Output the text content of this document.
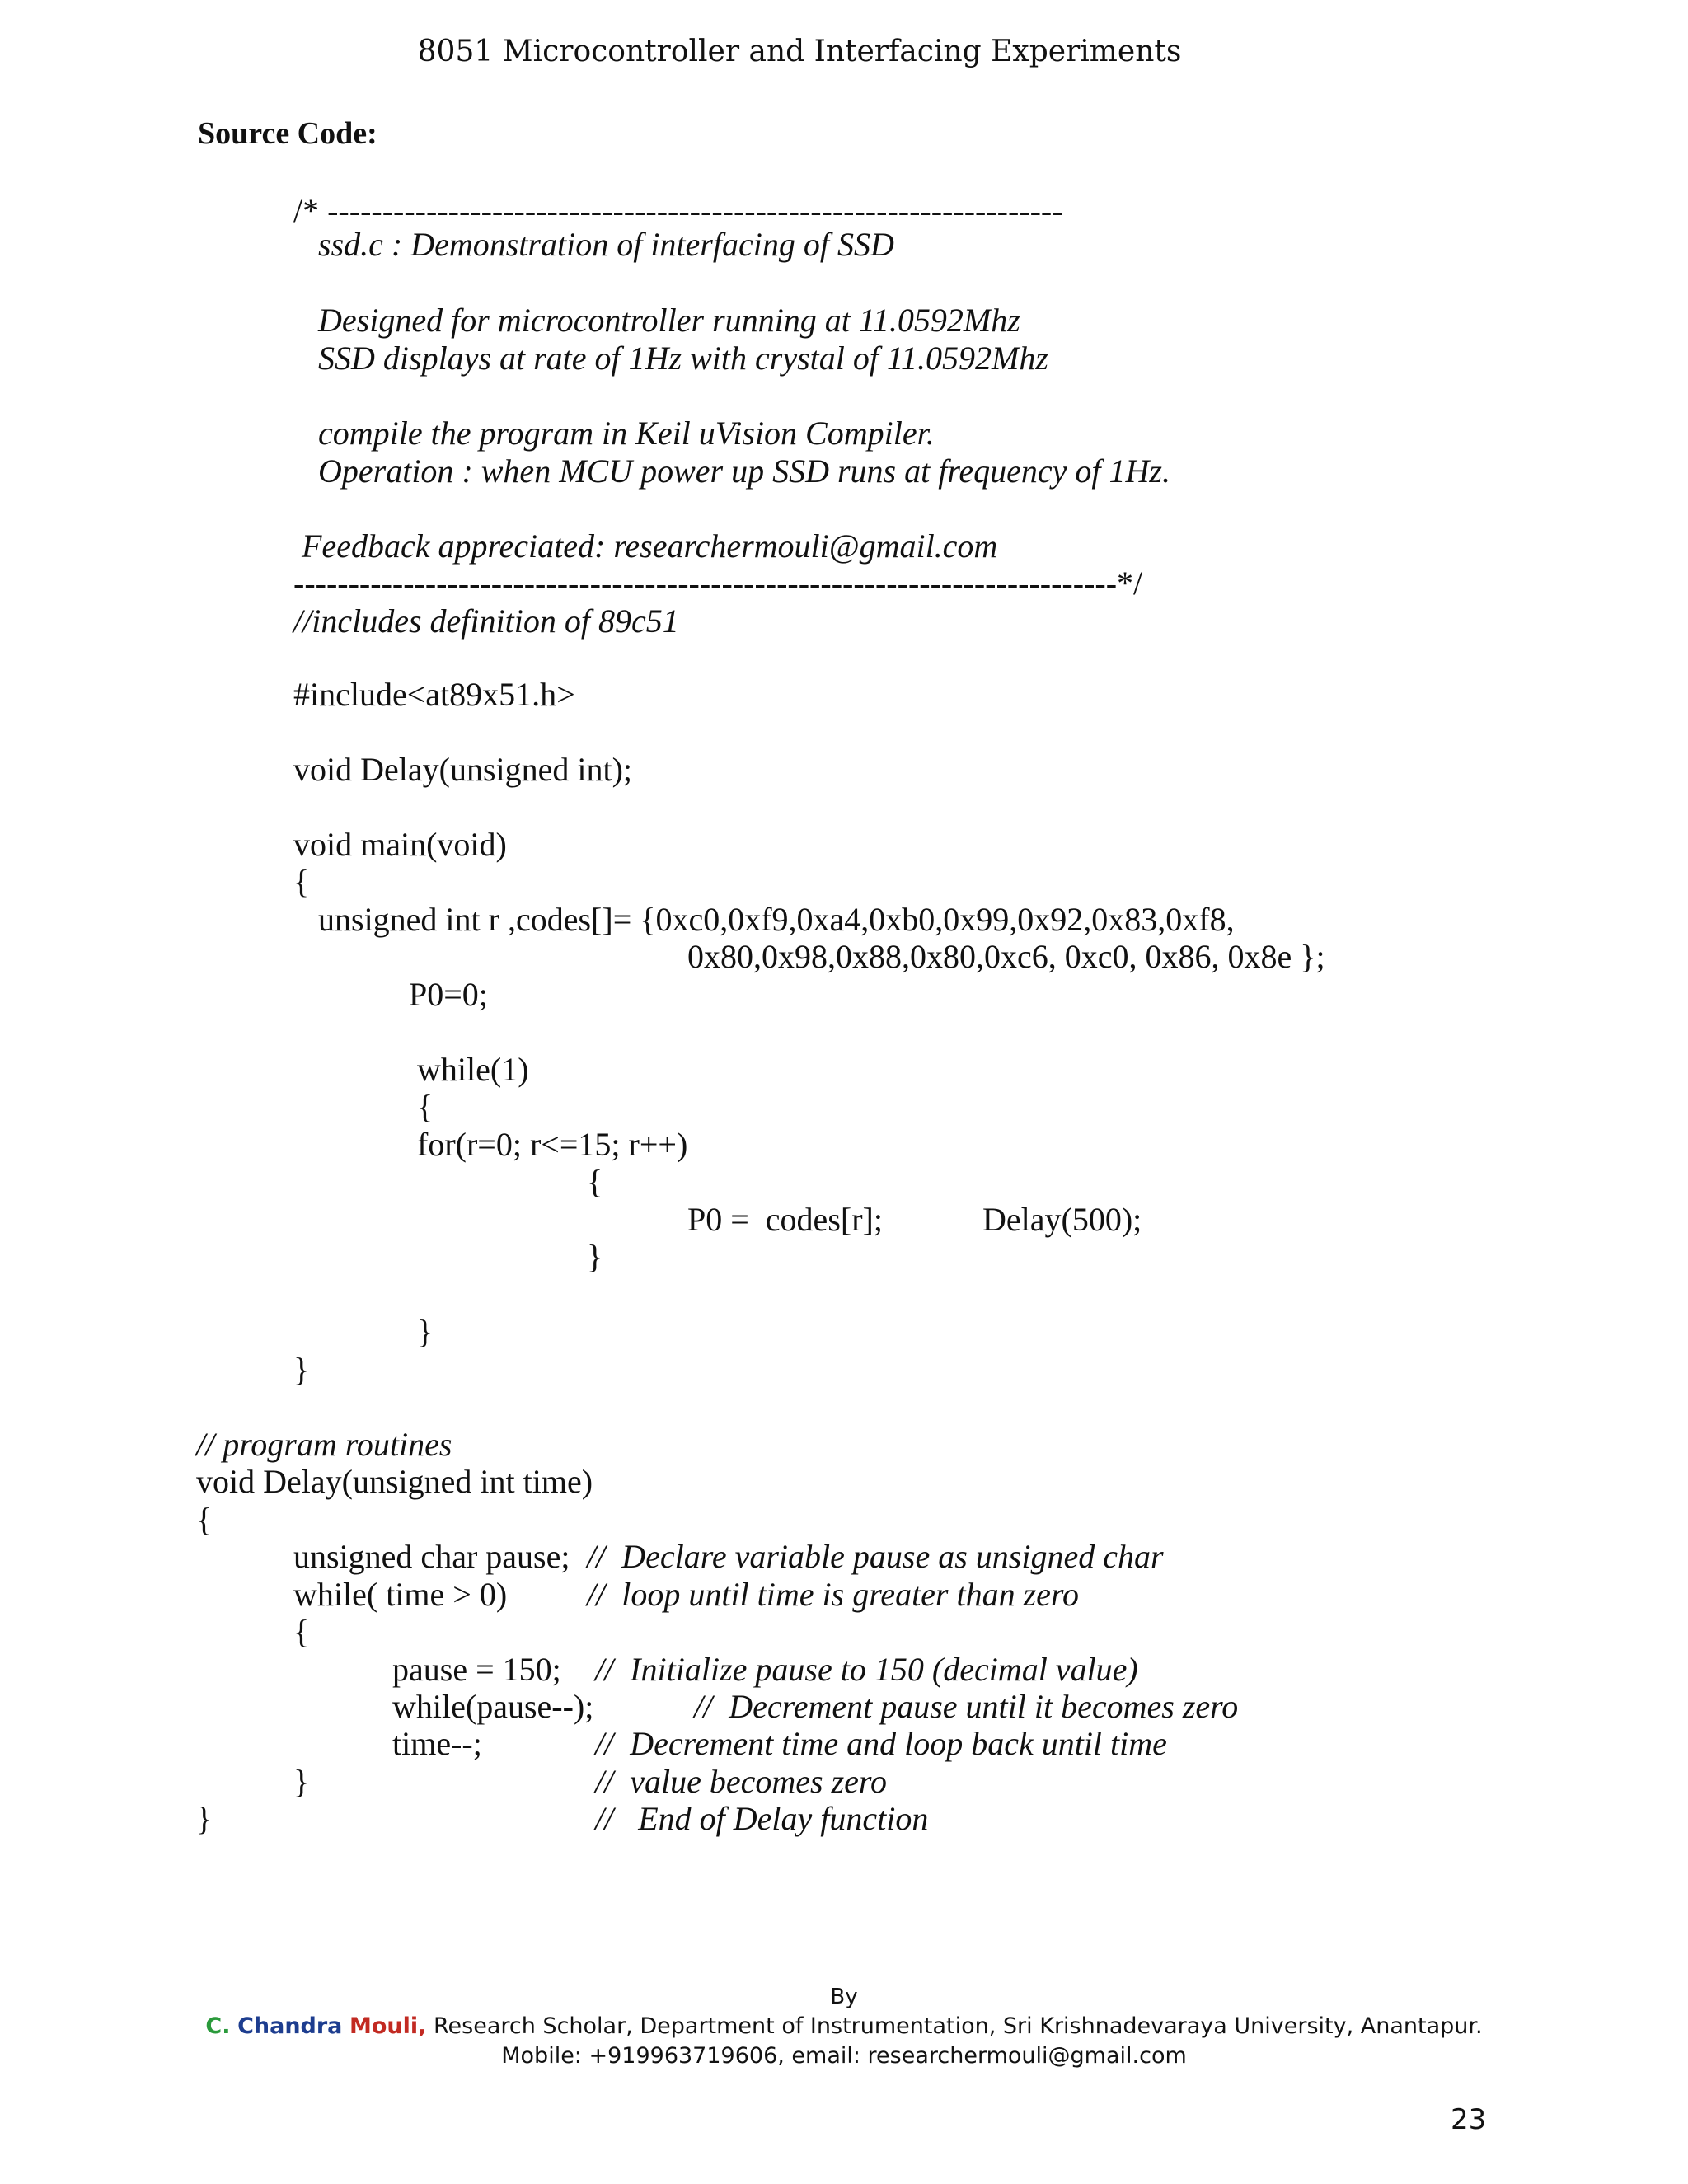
8051 Microcontroller and Interfacing Experiments
Source Code:
/* -------------------------------------------------------------------
ssd.c : Demonstration of interfacing of SSD
Designed for microcontroller running at 11.0592Mhz
SSD displays at rate of 1Hz with crystal of 11.0592Mhz
compile the program in Keil uVision Compiler.
Operation : when MCU power up SSD runs at frequency of 1Hz.
Feedback appreciated: researchermouli@gmail.com
---------------------------------------------------------------------------*/
//includes definition of 89c51
#include<at89x51.h>
void Delay(unsigned int);
void main(void)
{
unsigned int r ,codes[]= {0xc0,0xf9,0xa4,0xb0,0x99,0x92,0x83,0xf8,
0x80,0x98,0x88,0x80,0xc6, 0xc0, 0x86, 0x8e };
P0=0;
while(1)
{
for(r=0; r<=15; r++)
{
P0 =  codes[r];	Delay(500);
}
}
}
// program routines
void Delay(unsigned int time)
{
unsigned char pause; //  Declare variable pause as unsigned char
while( time > 0) //  loop until time is greater than zero
{
pause = 150; //  Initialize pause to 150 (decimal value)
while(pause--);	//  Decrement pause until it becomes zero
time--;	//  Decrement time and loop back until time
}	//  value becomes zero
}	//   End of Delay function
By
C. Chandra Mouli, Research Scholar, Department of Instrumentation, Sri Krishnadevaraya University, Anantapur.
Mobile: +919963719606, email: researchermouli@gmail.com
23
